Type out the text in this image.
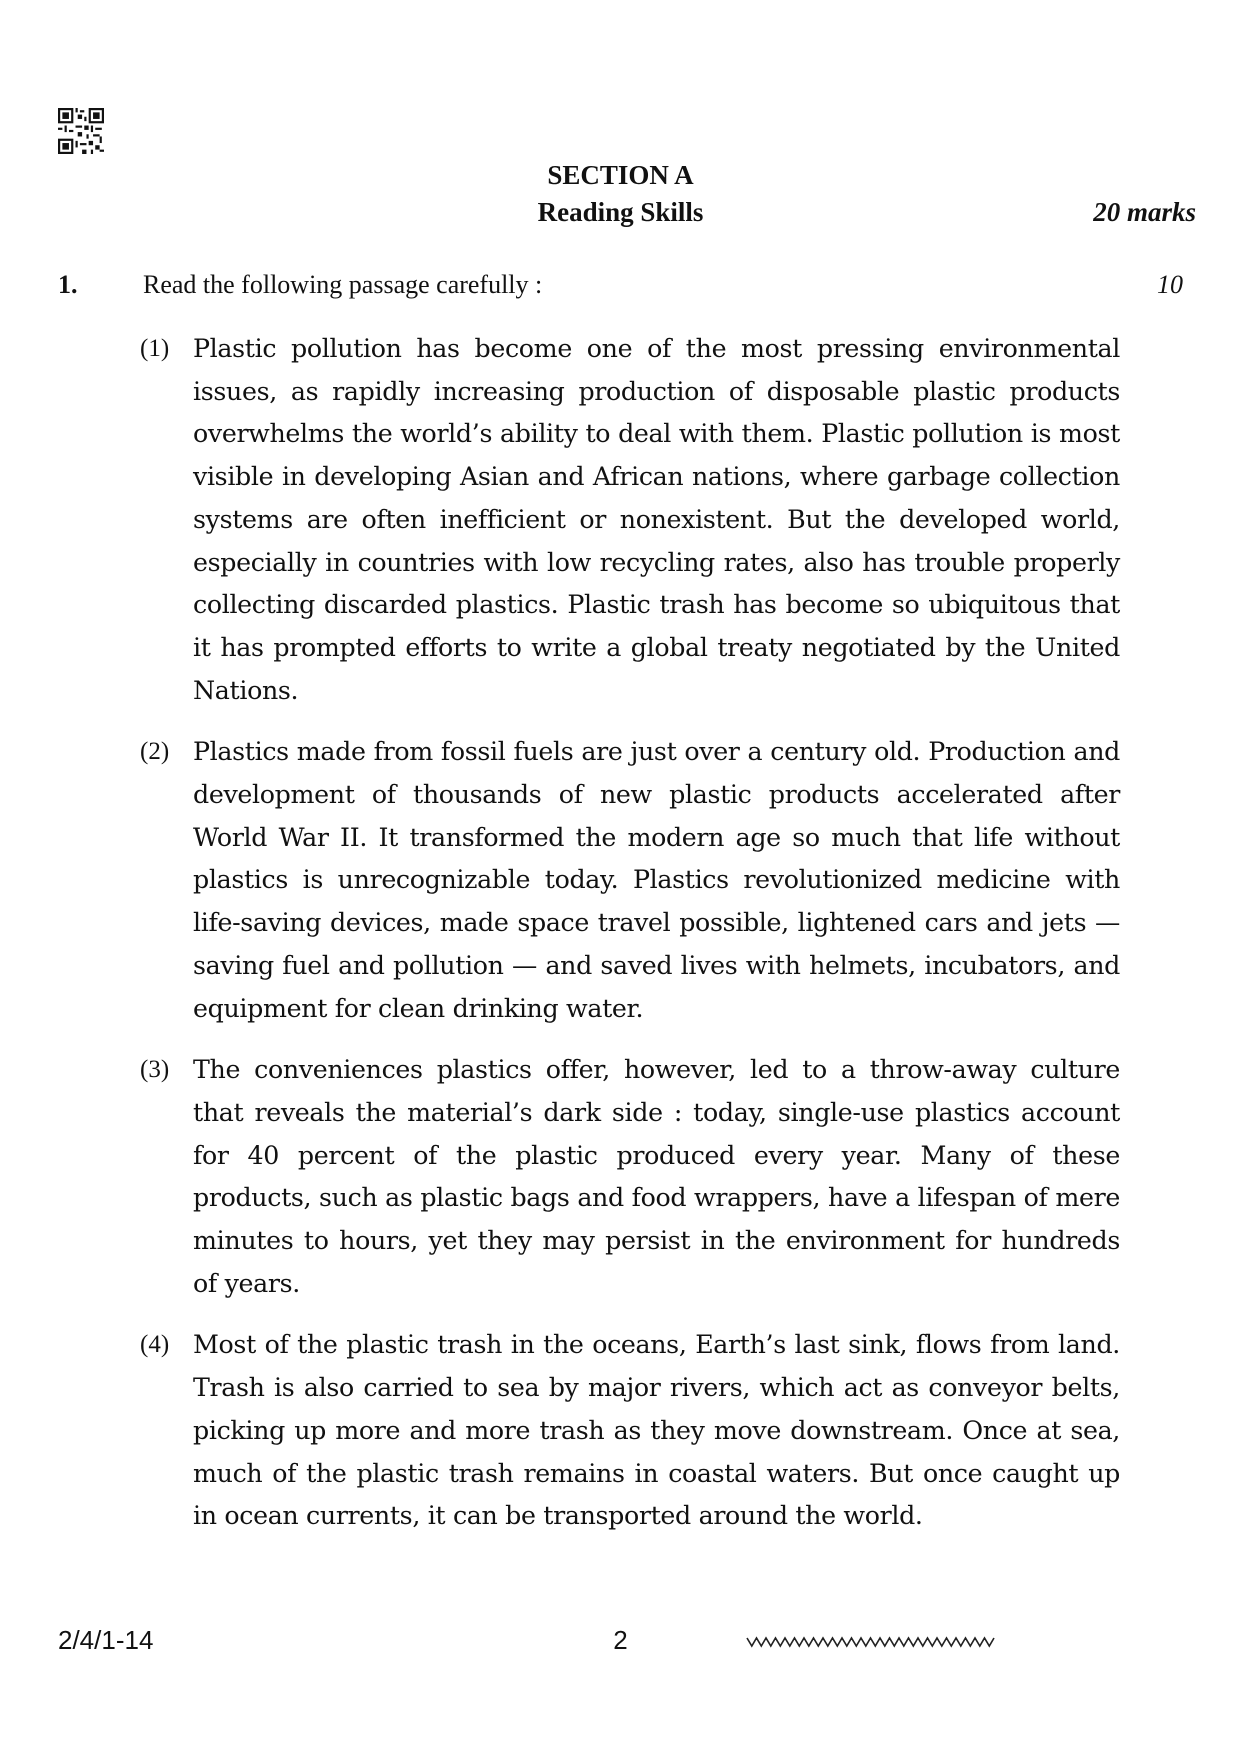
SECTION A
Reading Skills	20 marks
1.	Read the following passage carefully :	10
(1) Plastic pollution has become one of the most pressing environmental issues, as rapidly increasing production of disposable plastic products overwhelms the world’s ability to deal with them. Plastic pollution is most visible in developing Asian and African nations, where garbage collection systems are often inefficient or nonexistent. But the developed world, especially in countries with low recycling rates, also has trouble properly collecting discarded plastics. Plastic trash has become so ubiquitous that it has prompted efforts to write a global treaty negotiated by the United Nations.
(2) Plastics made from fossil fuels are just over a century old. Production and development of thousands of new plastic products accelerated after World War II. It transformed the modern age so much that life without plastics is unrecognizable today. Plastics revolutionized medicine with life-saving devices, made space travel possible, lightened cars and jets — saving fuel and pollution — and saved lives with helmets, incubators, and equipment for clean drinking water.
(3) The conveniences plastics offer, however, led to a throw-away culture that reveals the material’s dark side : today, single-use plastics account for 40 percent of the plastic produced every year. Many of these products, such as plastic bags and food wrappers, have a lifespan of mere minutes to hours, yet they may persist in the environment for hundreds of years.
(4) Most of the plastic trash in the oceans, Earth’s last sink, flows from land. Trash is also carried to sea by major rivers, which act as conveyor belts, picking up more and more trash as they move downstream. Once at sea, much of the plastic trash remains in coastal waters. But once caught up in ocean currents, it can be transported around the world.
2/4/1-14	2
